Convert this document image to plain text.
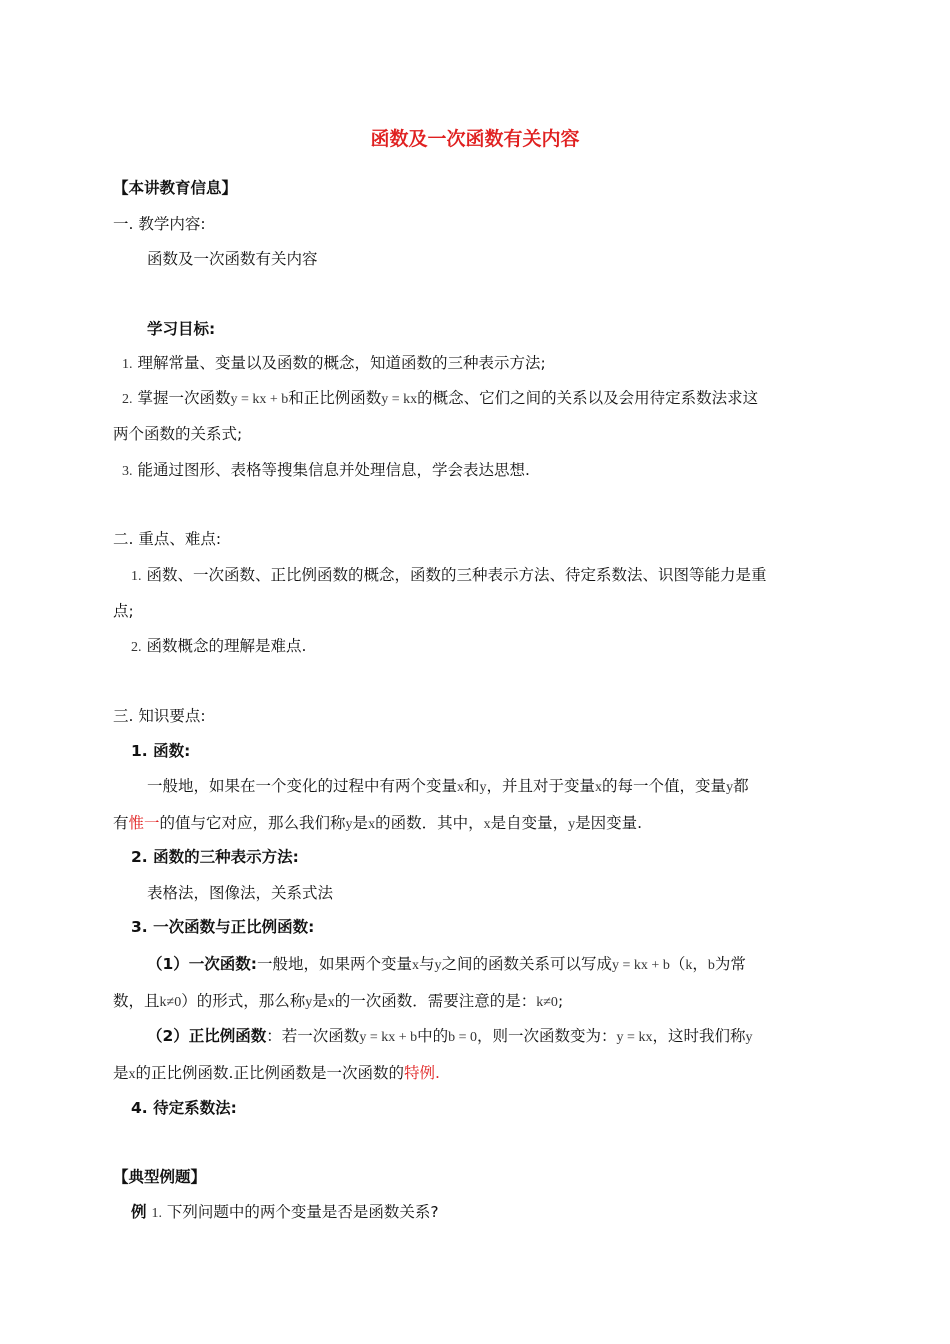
函数及一次函数有关内容
【本讲教育信息】
一. 教学内容:
函数及一次函数有关内容
学习目标:
1. 理解常量、变量以及函数的概念，知道函数的三种表示方法;
2. 掌握一次函数y = kx + b和正比例函数y = kx的概念、它们之间的关系以及会用待定系数法求这
两个函数的关系式;
3. 能通过图形、表格等搜集信息并处理信息，学会表达思想.
二. 重点、难点:
1. 函数、一次函数、正比例函数的概念，函数的三种表示方法、待定系数法、识图等能力是重
点;
2. 函数概念的理解是难点.
三. 知识要点:
1. 函数:
一般地，如果在一个变化的过程中有两个变量x和y，并且对于变量x的每一个值，变量y都
有惟一的值与它对应，那么我们称y是x的函数．其中，x是自变量，y是因变量.
2. 函数的三种表示方法:
表格法，图像法，关系式法
3. 一次函数与正比例函数:
（1）一次函数:一般地，如果两个变量x与y之间的函数关系可以写成y = kx + b（k，b为常
数，且k≠0）的形式，那么称y是x的一次函数．需要注意的是：k≠0;
（2）正比例函数：若一次函数y = kx + b中的b = 0，则一次函数变为：y = kx，这时我们称y
是x的正比例函数.正比例函数是一次函数的特例.
4. 待定系数法:
【典型例题】
例 1. 下列问题中的两个变量是否是函数关系?
